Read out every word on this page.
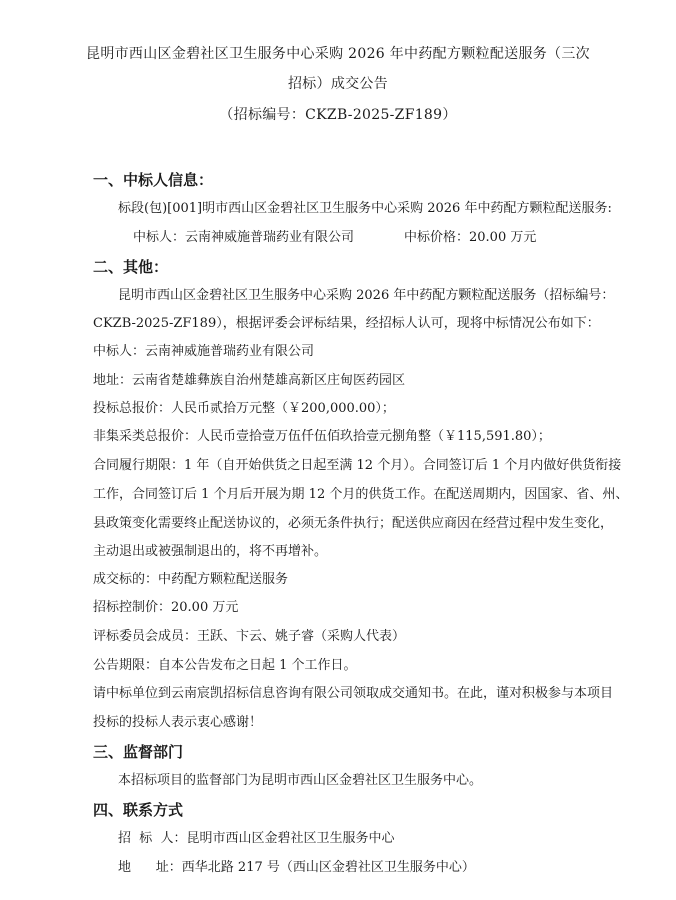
昆明市西山区金碧社区卫生服务中心采购 2026 年中药配方颗粒配送服务（三次
招标）成交公告
（招标编号：CKZB-2025-ZF189）
一、中标人信息：
标段(包)[001]明市西山区金碧社区卫生服务中心采购 2026 年中药配方颗粒配送服务:
中标人：云南神威施普瑞药业有限公司	中标价格：20.00 万元
二、其他：
昆明市西山区金碧社区卫生服务中心采购 2026 年中药配方颗粒配送服务（招标编号：
CKZB-2025-ZF189），根据评委会评标结果，经招标人认可，现将中标情况公布如下：
中标人：云南神威施普瑞药业有限公司
地址：云南省楚雄彝族自治州楚雄高新区庄甸医药园区
投标总报价：人民币贰拾万元整（￥200,000.00）；
非集采类总报价：人民币壹拾壹万伍仟伍佰玖拾壹元捌角整（￥115,591.80）；
合同履行期限：1 年（自开始供货之日起至满 12 个月）。合同签订后 1 个月内做好供货衔接
工作，合同签订后 1 个月后开展为期 12 个月的供货工作。在配送周期内，因国家、省、州、
县政策变化需要终止配送协议的，必须无条件执行；配送供应商因在经营过程中发生变化，
主动退出或被强制退出的，将不再增补。
成交标的：中药配方颗粒配送服务
招标控制价：20.00 万元
评标委员会成员：王跃、卞云、姚子睿（采购人代表）
公告期限：自本公告发布之日起 1 个工作日。
请中标单位到云南宸凯招标信息咨询有限公司领取成交通知书。在此，谨对积极参与本项目
投标的投标人表示衷心感谢！
三、监督部门
本招标项目的监督部门为昆明市西山区金碧社区卫生服务中心。
四、联系方式
招  标  人：昆明市西山区金碧社区卫生服务中心
地      址：西华北路 217 号（西山区金碧社区卫生服务中心）
